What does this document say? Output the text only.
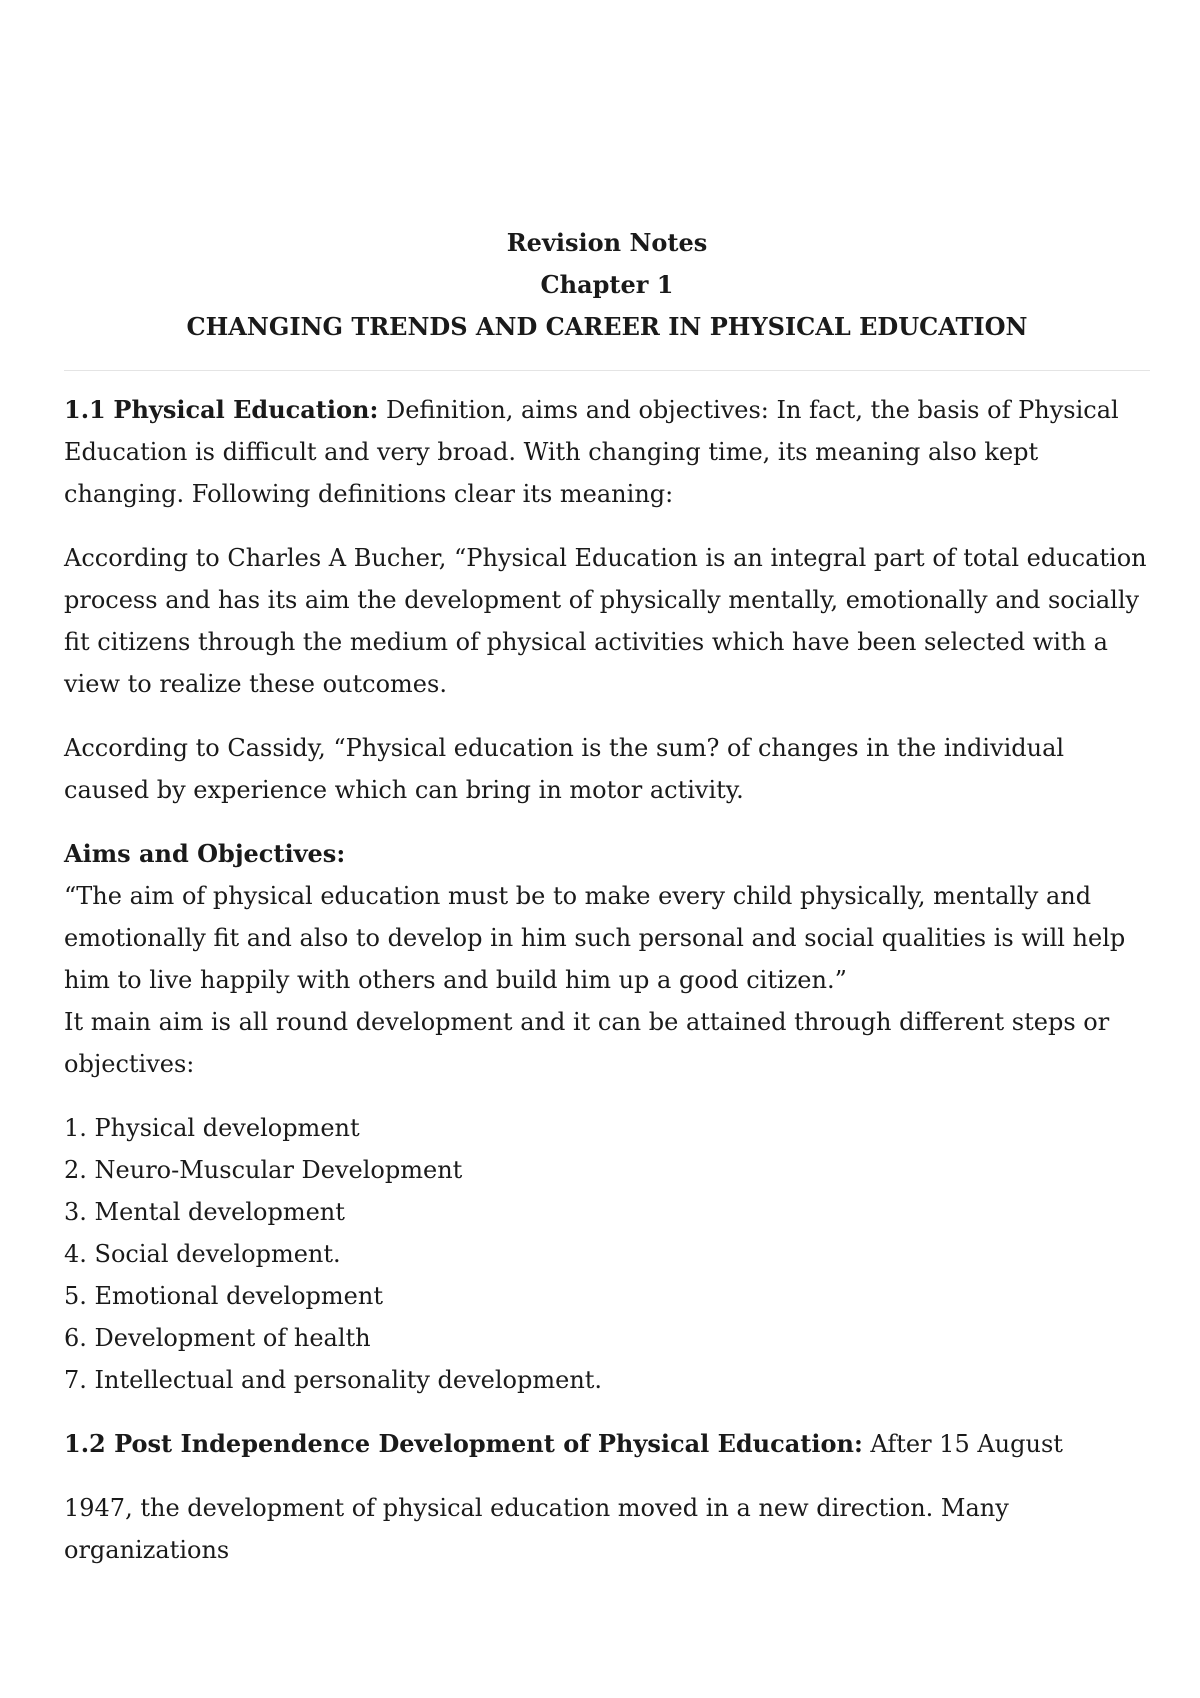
Revision Notes
Chapter 1
CHANGING TRENDS AND CAREER IN PHYSICAL EDUCATION

1.1 Physical Education: Definition, aims and objectives: In fact, the basis of Physical Education is difficult and very broad. With changing time, its meaning also kept changing. Following definitions clear its meaning:

According to Charles A Bucher, “Physical Education is an integral part of total education process and has its aim the development of physically mentally, emotionally and socially fit citizens through the medium of physical activities which have been selected with a view to realize these outcomes.

According to Cassidy, “Physical education is the sum? of changes in the individual caused by experience which can bring in motor activity.

Aims and Objectives:

“The aim of physical education must be to make every child physically, mentally and emotionally fit and also to develop in him such personal and social qualities is will help him to live happily with others and build him up a good citizen.”

It main aim is all round development and it can be attained through different steps or objectives:

1. Physical development
2. Neuro-Muscular Development
3. Mental development
4. Social development.
5. Emotional development
6. Development of health
7. Intellectual and personality development.

1.2 Post Independence Development of Physical Education: After 15 August

1947, the development of physical education moved in a new direction. Many organizations
